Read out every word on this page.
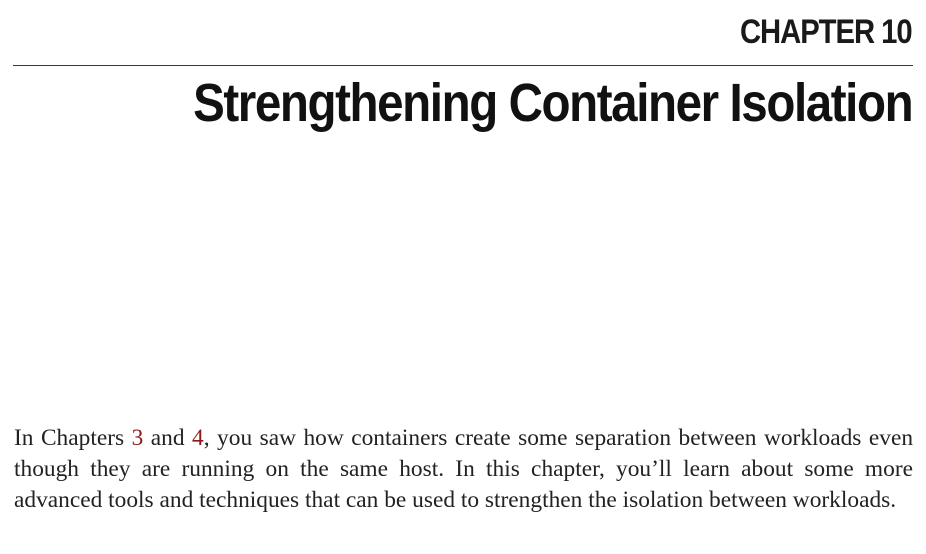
CHAPTER 10
Strengthening Container Isolation

In Chapters 3 and 4, you saw how containers create some separation between workloads even though they are running on the same host. In this chapter, you’ll learn about some more advanced tools and techniques that can be used to strengthen the isolation between workloads.
